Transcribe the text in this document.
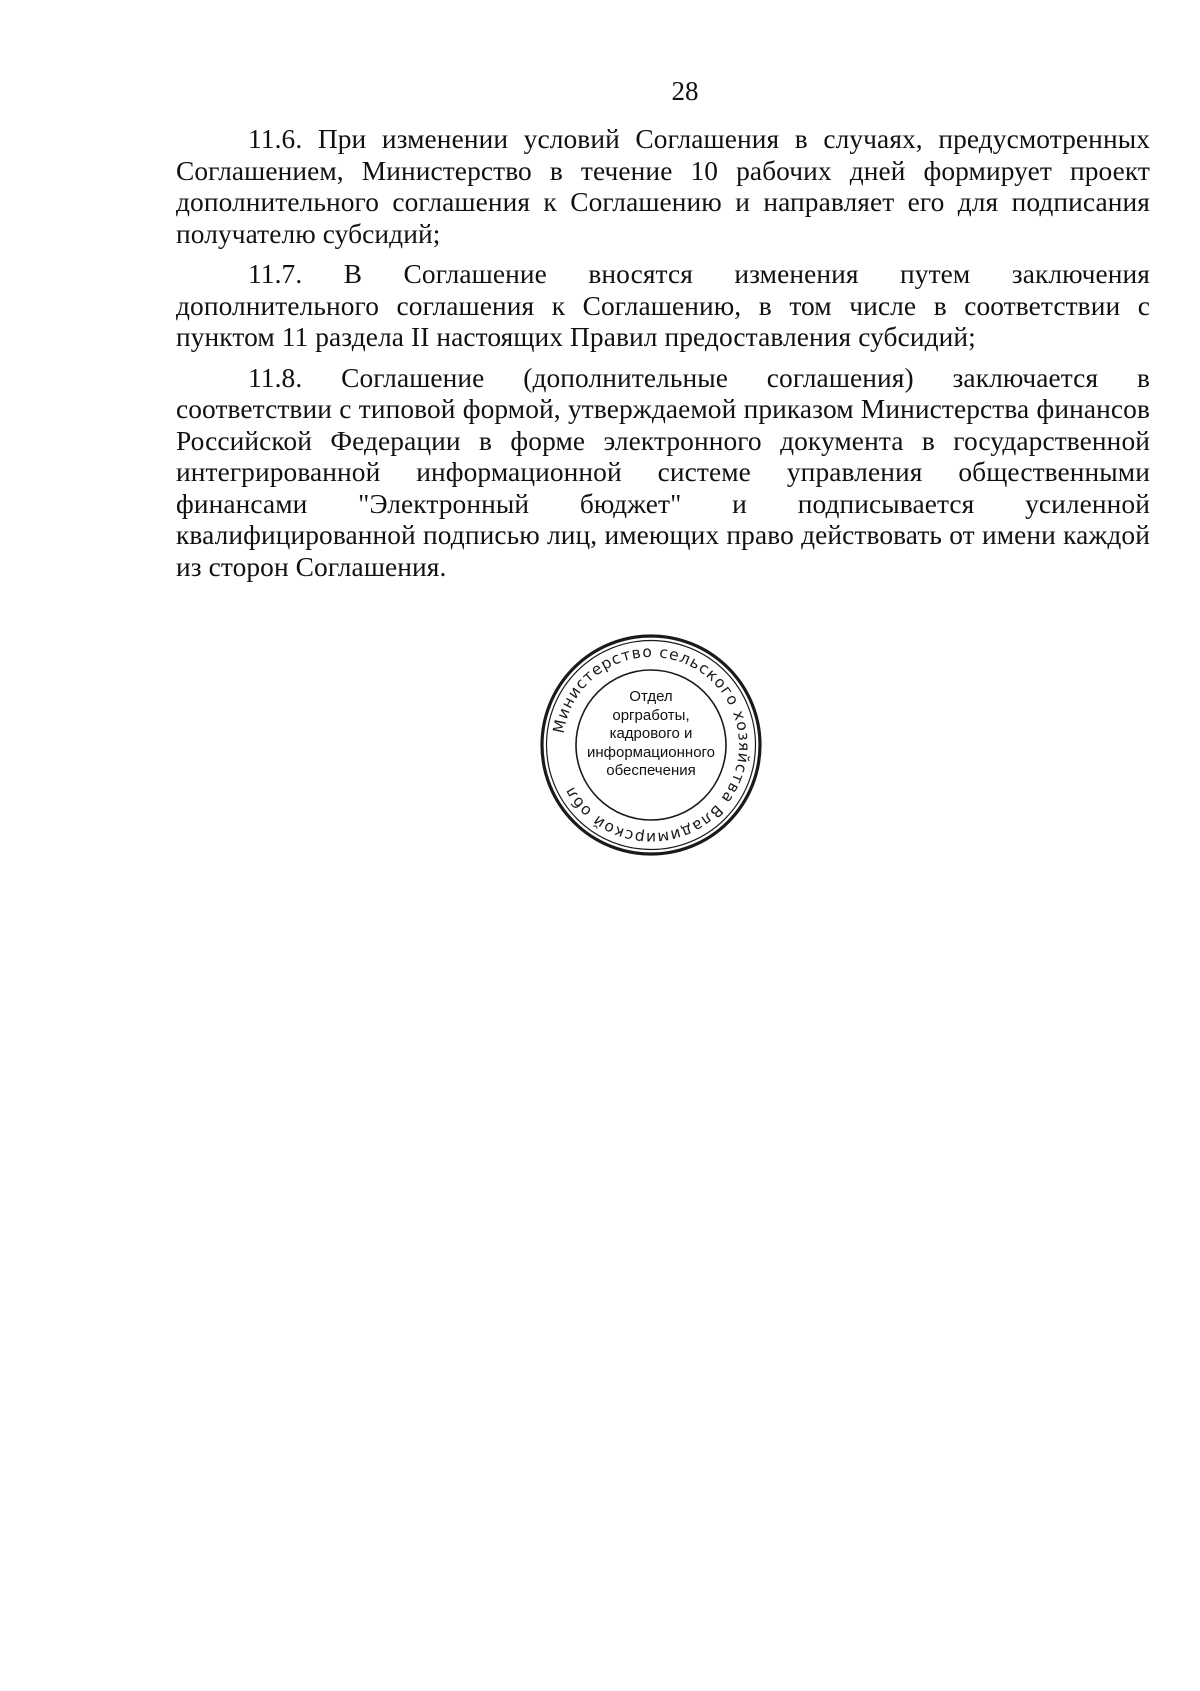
28

11.6. При изменении условий Соглашения в случаях, предусмотренных Соглашением, Министерство в течение 10 рабочих дней формирует проект дополнительного соглашения к Соглашению и направляет его для подписания получателю субсидий;

11.7. В Соглашение вносятся изменения путем заключения дополнительного соглашения к Соглашению, в том числе в соответствии с пунктом 11 раздела II настоящих Правил предоставления субсидий;

11.8. Соглашение (дополнительные соглашения) заключается в соответствии с типовой формой, утверждаемой приказом Министерства финансов Российской Федерации в форме электронного документа в государственной интегрированной информационной системе управления общественными финансами "Электронный бюджет" и подписывается усиленной квалифицированной подписью лиц, имеющих право действовать от имени каждой из сторон Соглашения.

Министерство сельского хозяйства Владимирской обл
Отдел
оргработы,
кадрового и
информационного
обеспечения
